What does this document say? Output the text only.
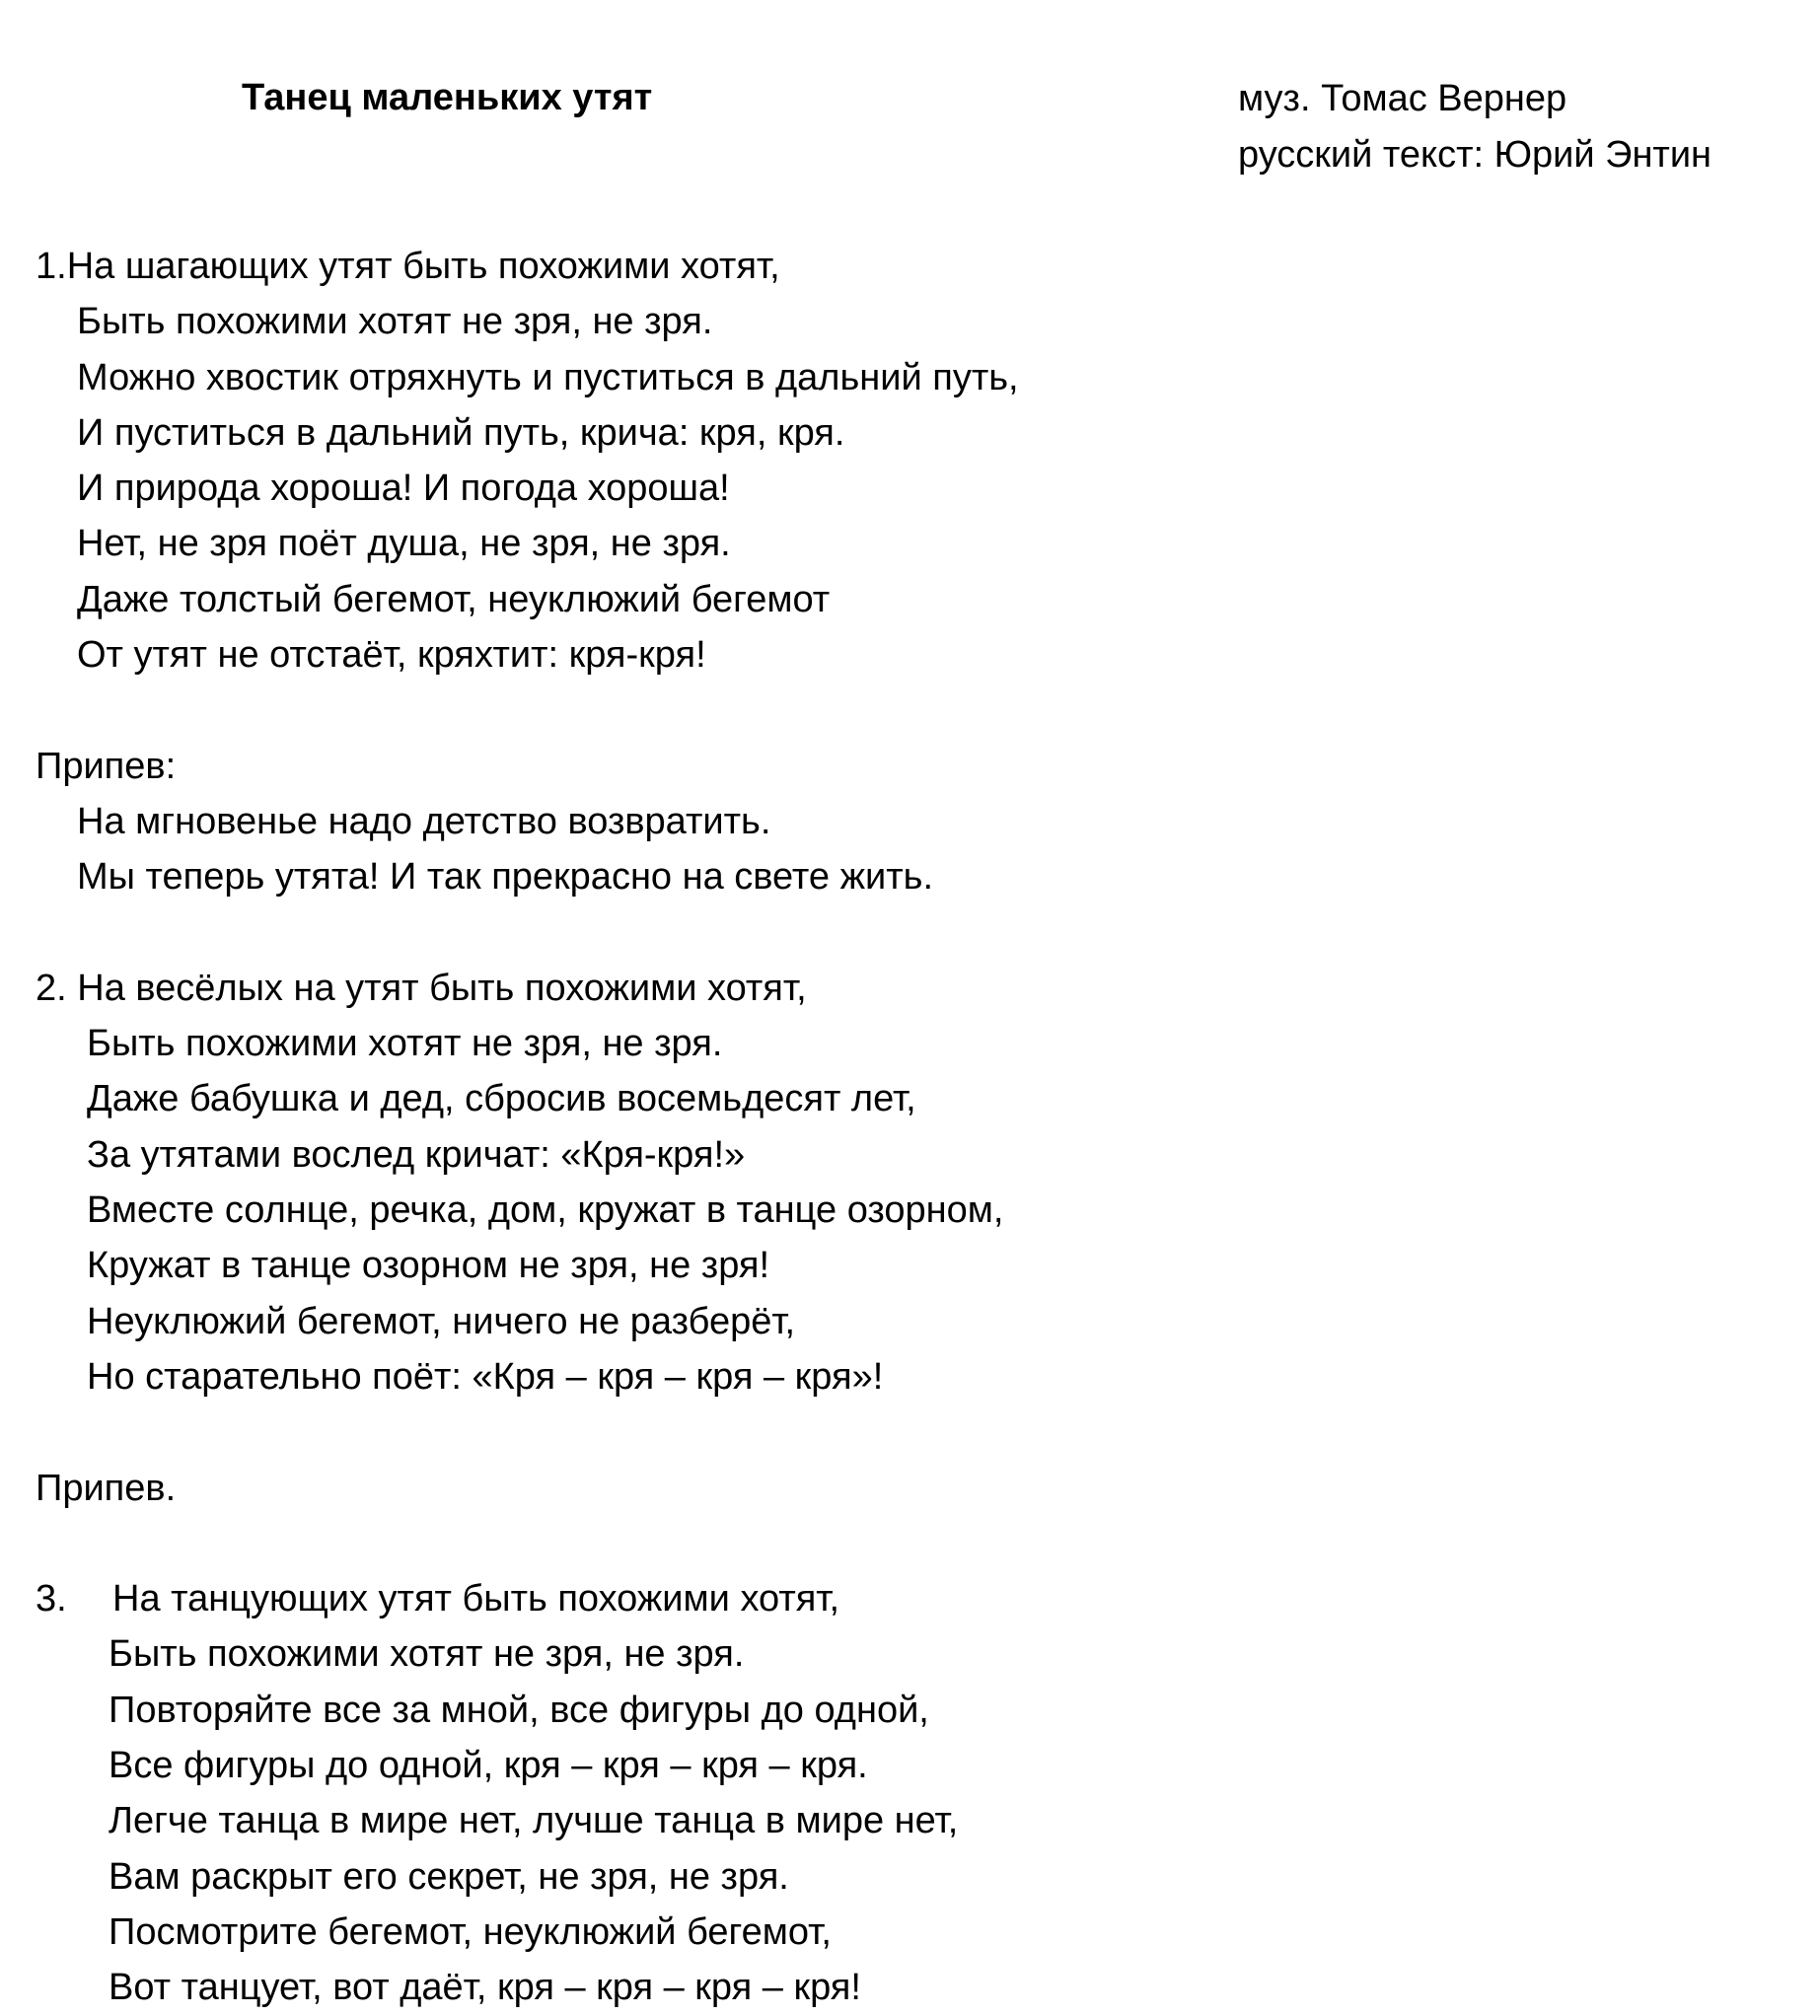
Танец маленьких утят	муз. Томас Вернер
русский текст: Юрий Энтин
1.На шагающих утят быть похожими хотят,
Быть похожими хотят не зря, не зря.
Можно хвостик отряхнуть и пуститься в дальний путь,
И пуститься в дальний путь, крича: кря, кря.
И природа хороша! И погода хороша!
Нет, не зря поёт душа, не зря, не зря.
Даже толстый бегемот, неуклюжий бегемот
От утят не отстаёт, кряхтит: кря-кря!
Припев:
На мгновенье надо детство возвратить.
Мы теперь утята! И так прекрасно на свете жить.
2. На весёлых на утят быть похожими хотят,
Быть похожими хотят не зря, не зря.
Даже бабушка и дед, сбросив восемьдесят лет,
За утятами вослед кричат: «Кря-кря!»
Вместе солнце, речка, дом, кружат в танце озорном,
Кружат в танце озорном не зря, не зря!
Неуклюжий бегемот, ничего не разберёт,
Но старательно поёт: «Кря – кря – кря – кря»!
Припев.
3. На танцующих утят быть похожими хотят,
Быть похожими хотят не зря, не зря.
Повторяйте все за мной, все фигуры до одной,
Все фигуры до одной, кря – кря – кря – кря.
Легче танца в мире нет, лучше танца в мире нет,
Вам раскрыт его секрет, не зря, не зря.
Посмотрите бегемот, неуклюжий бегемот,
Вот танцует, вот даёт, кря – кря – кря – кря!
